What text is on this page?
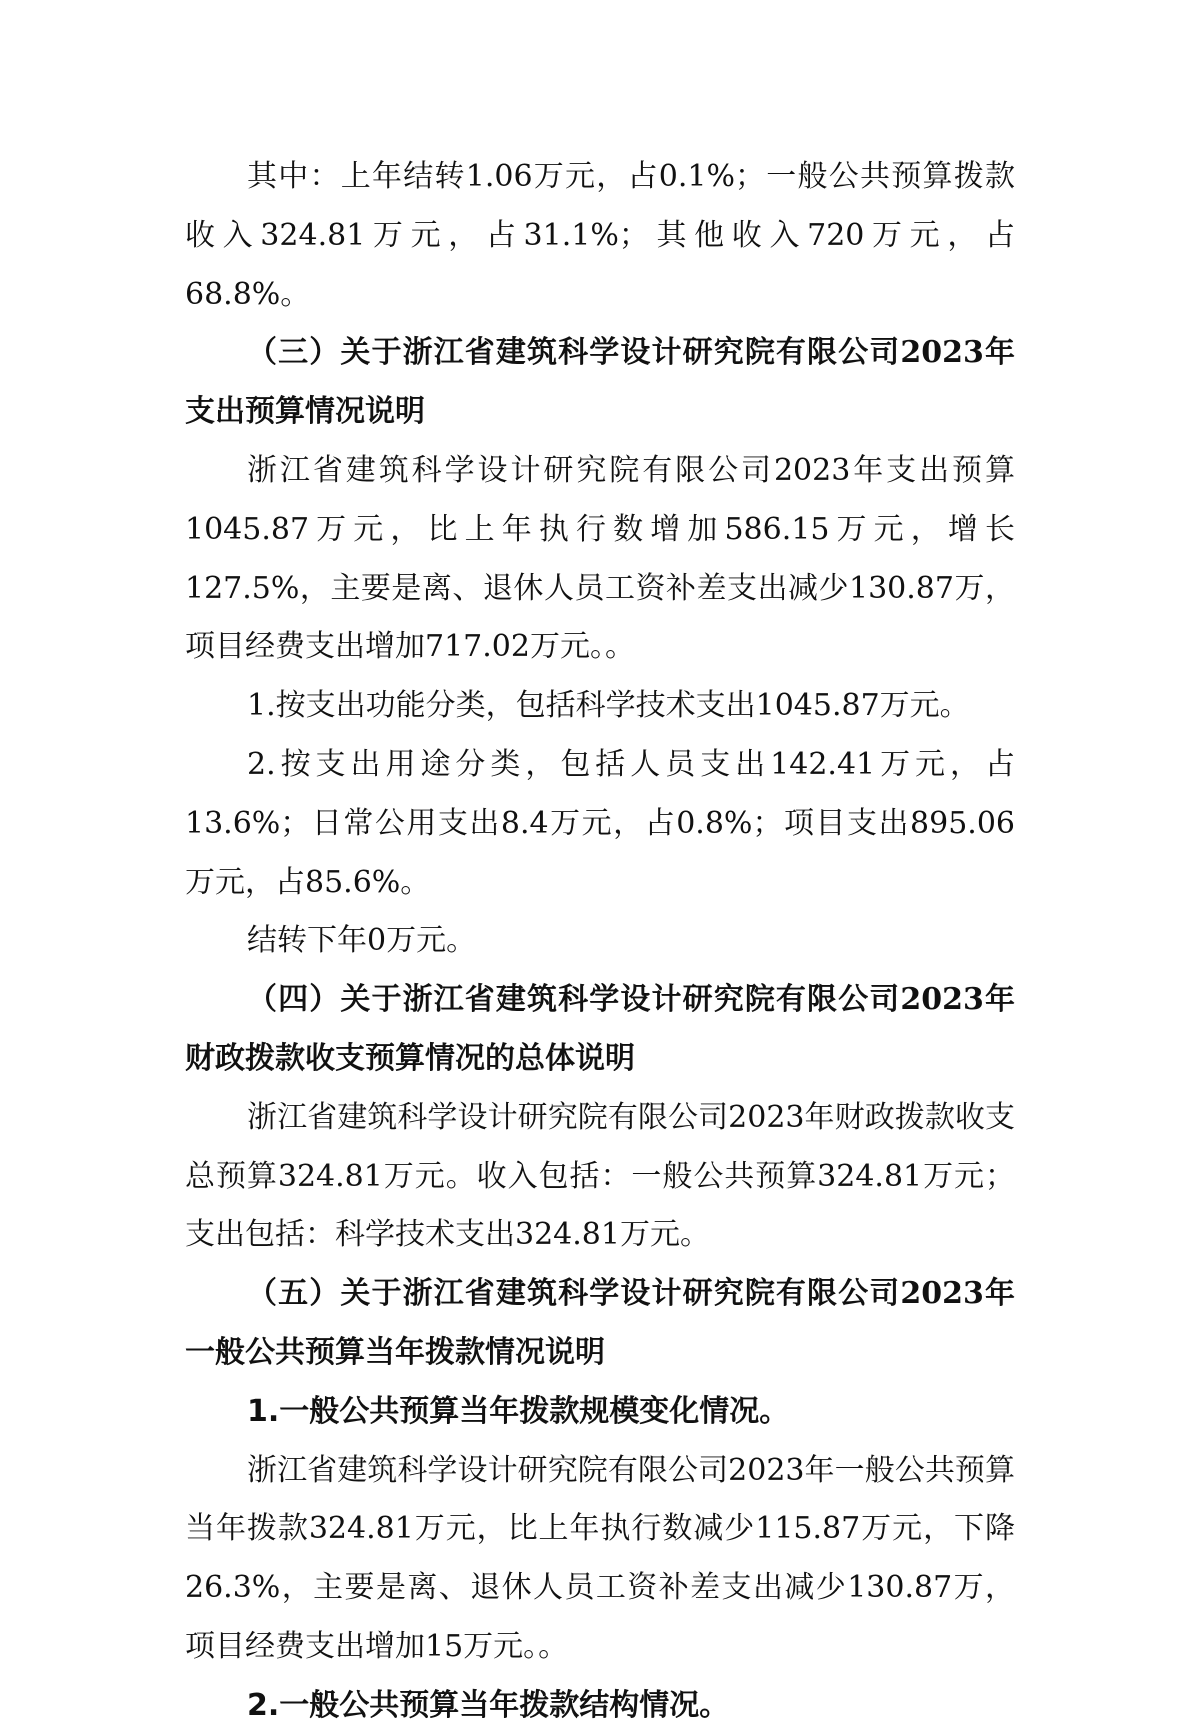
其中：上年结转1.06万元，占0.1%；一般公共预算拨款收入324.81万元，占31.1%；其他收入720万元，占68.8%。

（三）关于浙江省建筑科学设计研究院有限公司2023年支出预算情况说明

浙江省建筑科学设计研究院有限公司2023年支出预算1045.87万元，比上年执行数增加586.15万元，增长127.5%，主要是离、退休人员工资补差支出减少130.87万，项目经费支出增加717.02万元。。

1.按支出功能分类，包括科学技术支出1045.87万元。

2.按支出用途分类，包括人员支出142.41万元，占13.6%；日常公用支出8.4万元，占0.8%；项目支出895.06万元，占85.6%。

结转下年0万元。

（四）关于浙江省建筑科学设计研究院有限公司2023年财政拨款收支预算情况的总体说明

浙江省建筑科学设计研究院有限公司2023年财政拨款收支总预算324.81万元。收入包括：一般公共预算324.81万元；支出包括：科学技术支出324.81万元。

（五）关于浙江省建筑科学设计研究院有限公司2023年一般公共预算当年拨款情况说明

1.一般公共预算当年拨款规模变化情况。

浙江省建筑科学设计研究院有限公司2023年一般公共预算当年拨款324.81万元，比上年执行数减少115.87万元，下降26.3%，主要是离、退休人员工资补差支出减少130.87万，项目经费支出增加15万元。。

2.一般公共预算当年拨款结构情况。
